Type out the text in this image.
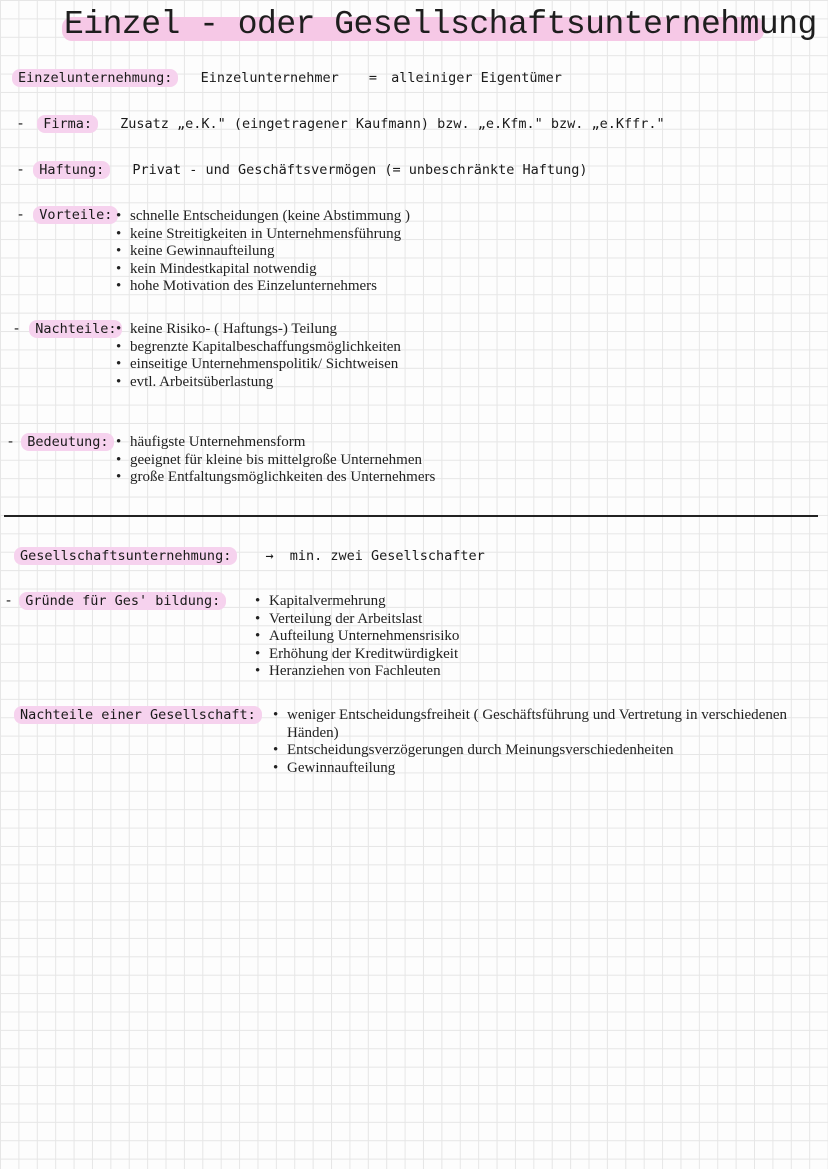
Einzel - oder Gesellschaftsunternehmung
Einzelunternehmung: Einzelunternehmer = alleiniger Eigentümer
- Firma: Zusatz „e.K." (eingetragener Kaufmann) bzw. „e.Kfm." bzw. „e.Kffr."
- Haftung: Privat - und Geschäftsvermögen (= unbeschränkte Haftung)
- Vorteile:	• schnelle Entscheidungen (keine Abstimmung )
• keine Streitigkeiten in Unternehmensführung
• keine Gewinnaufteilung
• kein Mindestkapital notwendig
• hohe Motivation des Einzelunternehmers
- Nachteile: • keine Risiko- ( Haftungs-) Teilung
• begrenzte Kapitalbeschaffungsmöglichkeiten
• einseitige Unternehmenspolitik/ Sichtweisen
• evtl. Arbeitsüberlastung
- Bedeutung:	• häufigste Unternehmensform
• geeignet für kleine bis mittelgroße Unternehmen
• große Entfaltungsmöglichkeiten des Unternehmers
Gesellschaftsunternehmung:	→ min. zwei Gesellschafter
- Gründe für Ges' bildung:	• Kapitalvermehrung
• Verteilung der Arbeitslast
• Aufteilung Unternehmensrisiko
• Erhöhung der Kreditwürdigkeit
• Heranziehen von Fachleuten
Nachteile einer Gesellschaft:	• weniger Entscheidungsfreiheit ( Geschäftsführung und Vertretung in verschiedenen Händen)
• Entscheidungsverzögerungen durch Meinungsverschiedenheiten
• Gewinnaufteilung
